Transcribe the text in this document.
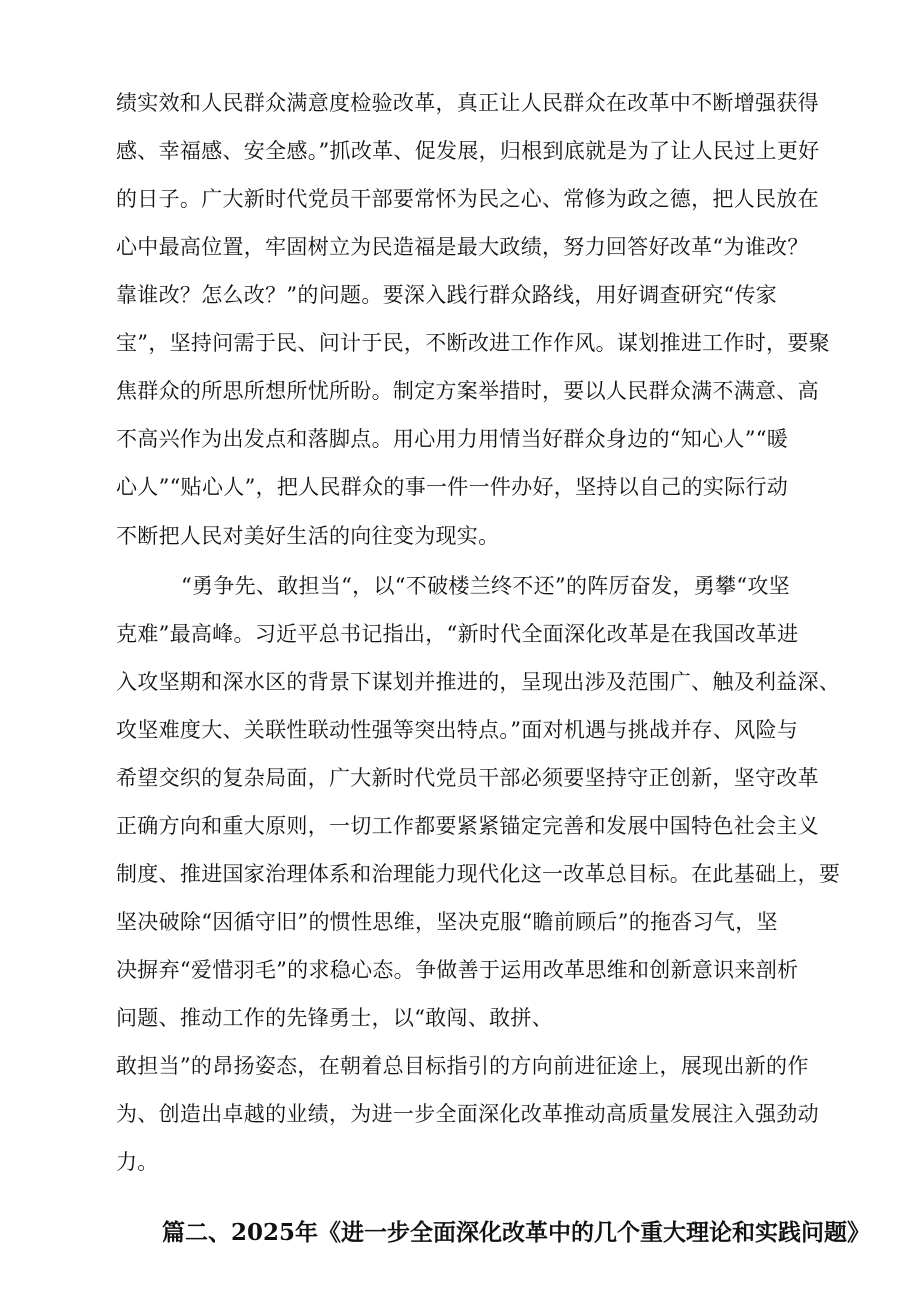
绩实效和人民群众满意度检验改革，真正让人民群众在改革中不断增强获得
感、幸福感、安全感。”抓改革、促发展，归根到底就是为了让人民过上更好
的日子。广大新时代党员干部要常怀为民之心、常修为政之德，把人民放在
心中最高位置，牢固树立为民造福是最大政绩，努力回答好改革“为谁改？
靠谁改？怎么改？”的问题。要深入践行群众路线，用好调查研究“传家
宝”，坚持问需于民、问计于民，不断改进工作作风。谋划推进工作时，要聚
焦群众的所思所想所忧所盼。制定方案举措时，要以人民群众满不满意、高
不高兴作为出发点和落脚点。用心用力用情当好群众身边的“知心人”“暖
心人”“贴心人”，把人民群众的事一件一件办好，坚持以自己的实际行动
不断把人民对美好生活的向往变为现实。
“勇争先、敢担当“，以“不破楼兰终不还”的阵厉奋发，勇攀“攻坚
克难”最高峰。习近平总书记指出，“新时代全面深化改革是在我国改革进
入攻坚期和深水区的背景下谋划并推进的，呈现出涉及范围广、触及利益深、
攻坚难度大、关联性联动性强等突出特点。”面对机遇与挑战并存、风险与
希望交织的复杂局面，广大新时代党员干部必须要坚持守正创新，坚守改革
正确方向和重大原则，一切工作都要紧紧锚定完善和发展中国特色社会主义
制度、推进国家治理体系和治理能力现代化这一改革总目标。在此基础上，要
坚决破除“因循守旧”的惯性思维，坚决克服“瞻前顾后”的拖沓习气，坚
决摒弃“爱惜羽毛”的求稳心态。争做善于运用改革思维和创新意识来剖析
问题、推动工作的先锋勇士，以“敢闯、敢拼、
敢担当”的昂扬姿态，在朝着总目标指引的方向前进征途上，展现出新的作
为、创造出卓越的业绩，为进一步全面深化改革推动高质量发展注入强劲动
力。
篇二、2025年《进一步全面深化改革中的几个重大理论和实践问题》
